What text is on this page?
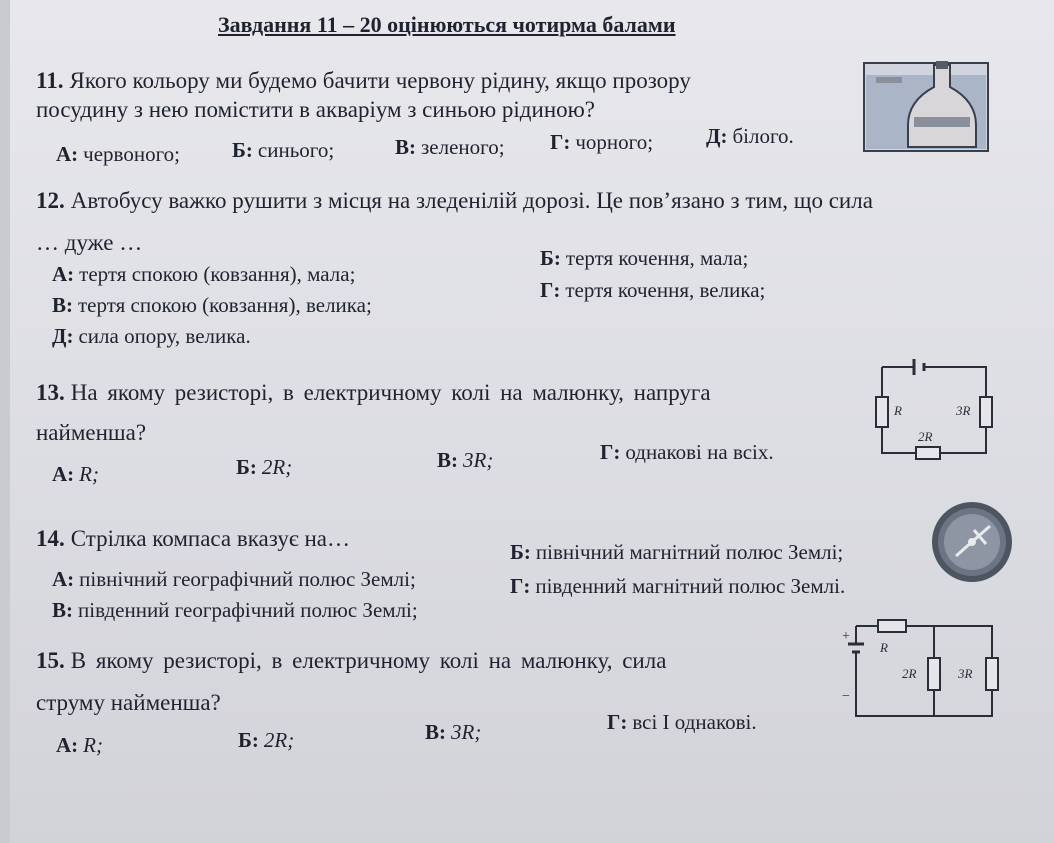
Завдання 11 – 20 оцінюються чотирма балами
11. Якого кольору ми будемо бачити червону рідину, якщо прозору
посудину з нею помістити в акваріум з синьою рідиною?
А: червоного; Б: синього;	В: зеленого; Г: чорного;	Д: білого.
12. Автобусу важко рушити з місця на зледенілій дорозі. Це пов’язано з тим, що сила
… дуже …
А: тертя спокою (ковзання), мала;
Б: тертя кочення, мала;
В: тертя спокою (ковзання), велика;
Г: тертя кочення, велика;
Д: сила опору, велика.
13. На якому резисторі, в електричному колі на малюнку, напруга
найменша?
А: R;	Б: 2R;	В: 3R;	Г: однакові на всіх.
R
2R
3R
14. Стрілка компаса вказує на…
А: північний географічний полюс Землі;
Б: північний магнітний полюс Землі;
В: південний географічний полюс Землі;
Г: південний магнітний полюс Землі.
15. В якому резисторі, в електричному колі на малюнку, сила
струму найменша?
А: R;	Б: 2R;	В: 3R;	Г: всі I однакові.
+
−
R
2R	3R
